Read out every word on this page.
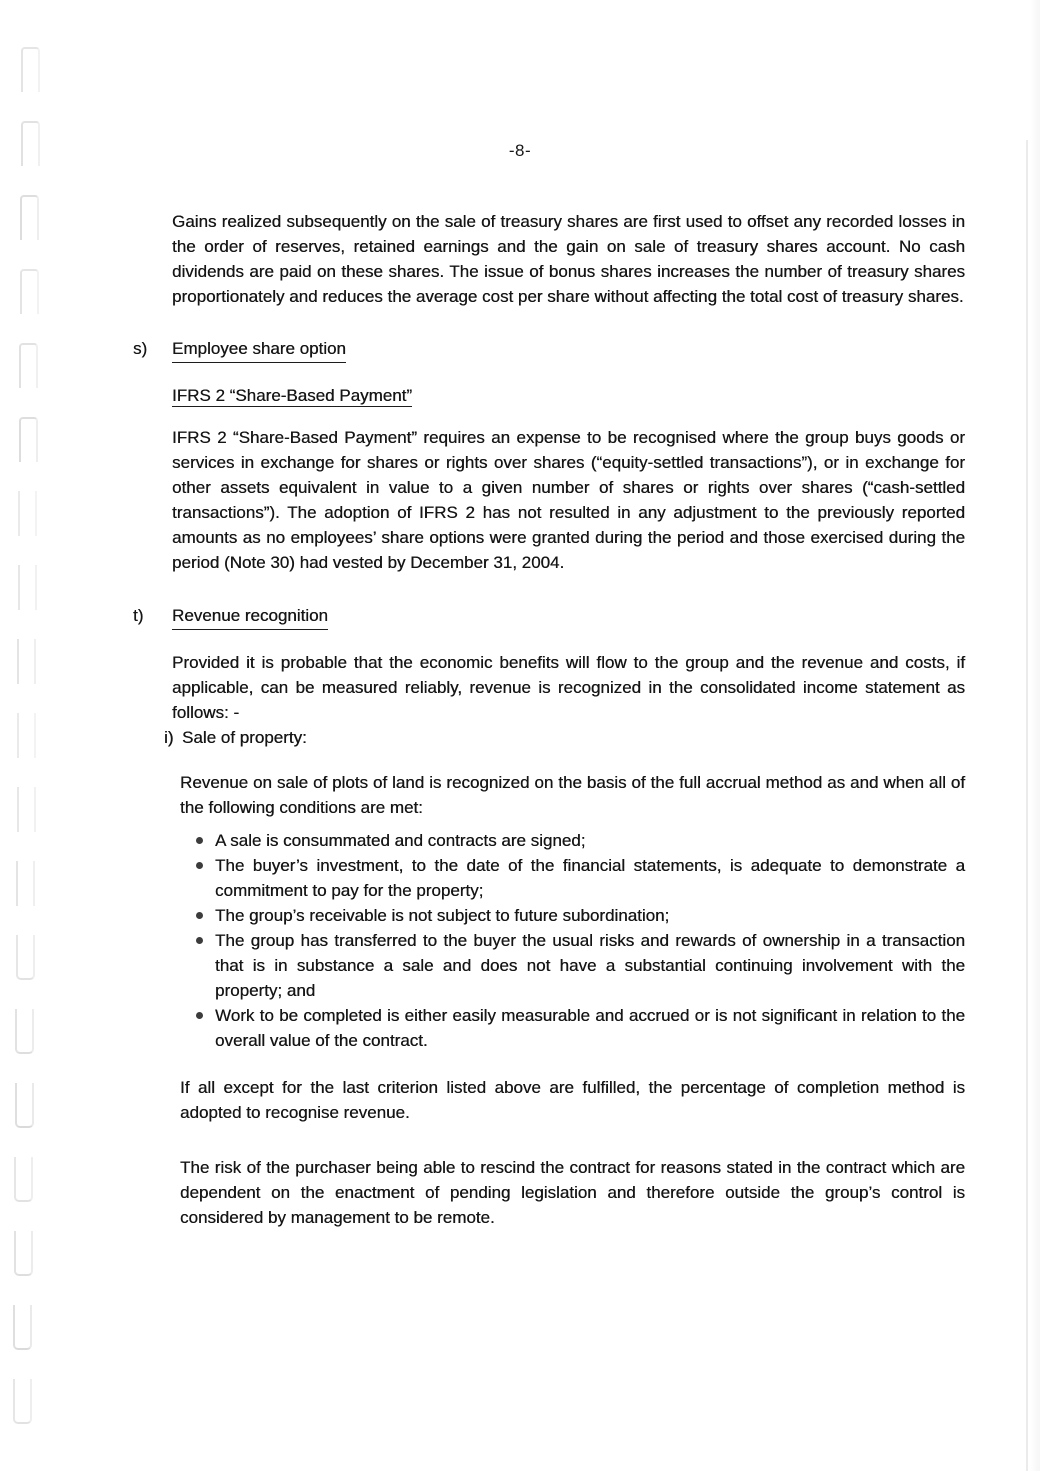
-8-

Gains realized subsequently on the sale of treasury shares are first used to offset any recorded losses in the order of reserves, retained earnings and the gain on sale of treasury shares account. No cash dividends are paid on these shares. The issue of bonus shares increases the number of treasury shares proportionately and reduces the average cost per share without affecting the total cost of treasury shares.

s)	Employee share option
IFRS 2 “Share-Based Payment”

IFRS 2 “Share-Based Payment” requires an expense to be recognised where the group buys goods or services in exchange for shares or rights over shares (“equity-settled transactions”), or in exchange for other assets equivalent in value to a given number of shares or rights over shares (“cash-settled transactions”). The adoption of IFRS 2 has not resulted in any adjustment to the previously reported amounts as no employees’ share options were granted during the period and those exercised during the period (Note 30) had vested by December 31, 2004.

t)	Revenue recognition

Provided it is probable that the economic benefits will flow to the group and the revenue and costs, if applicable, can be measured reliably, revenue is recognized in the consolidated income statement as follows: -

i) Sale of property:

Revenue on sale of plots of land is recognized on the basis of the full accrual method as and when all of the following conditions are met:

A sale is consummated and contracts are signed;
The buyer’s investment, to the date of the financial statements, is adequate to demonstrate a commitment to pay for the property;
The group’s receivable is not subject to future subordination;
The group has transferred to the buyer the usual risks and rewards of ownership in a transaction that is in substance a sale and does not have a substantial continuing involvement with the property; and
Work to be completed is either easily measurable and accrued or is not significant in relation to the overall value of the contract.

If all except for the last criterion listed above are fulfilled, the percentage of completion method is adopted to recognise revenue.

The risk of the purchaser being able to rescind the contract for reasons stated in the contract which are dependent on the enactment of pending legislation and therefore outside the group’s control is considered by management to be remote.
